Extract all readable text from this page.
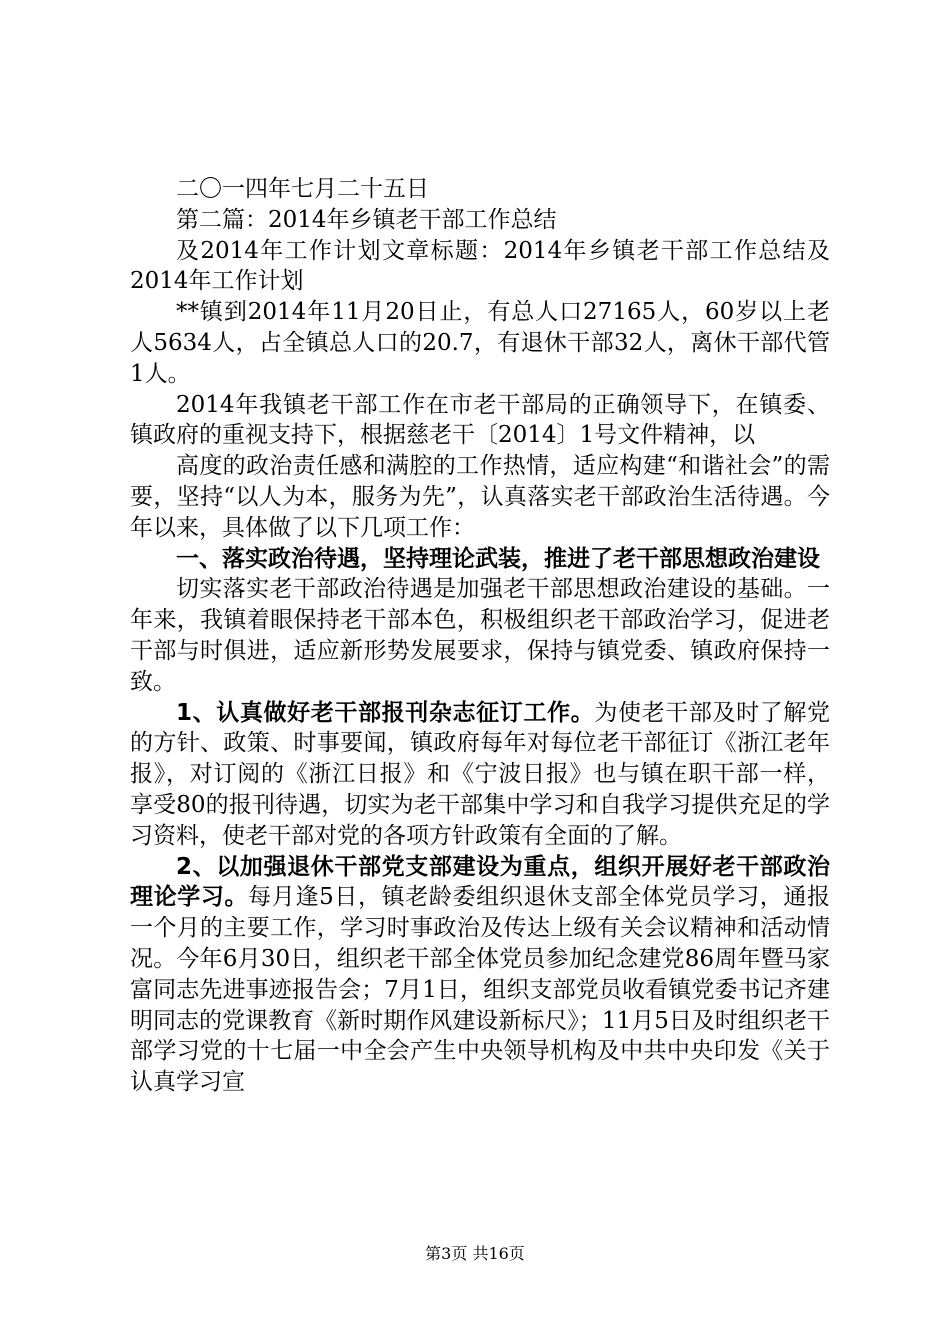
二〇一四年七月二十五日

第二篇：2014年乡镇老干部工作总结

及2014年工作计划文章标题：2014年乡镇老干部工作总结及2014年工作计划

**镇到2014年11月20日止，有总人口27165人，60岁以上老人5634人，占全镇总人口的20.7，有退休干部32人，离休干部代管1人。

2014年我镇老干部工作在市老干部局的正确领导下，在镇委、镇政府的重视支持下，根据慈老干〔2014〕1号文件精神，以

高度的政治责任感和满腔的工作热情，适应构建“和谐社会”的需要，坚持“以人为本，服务为先”，认真落实老干部政治生活待遇。今年以来，具体做了以下几项工作：

一、落实政治待遇，坚持理论武装，推进了老干部思想政治建设

切实落实老干部政治待遇是加强老干部思想政治建设的基础。一年来，我镇着眼保持老干部本色，积极组织老干部政治学习，促进老干部与时俱进，适应新形势发展要求，保持与镇党委、镇政府保持一致。

1、认真做好老干部报刊杂志征订工作。为使老干部及时了解党的方针、政策、时事要闻，镇政府每年对每位老干部征订《浙江老年报》，对订阅的《浙江日报》和《宁波日报》也与镇在职干部一样，享受80的报刊待遇，切实为老干部集中学习和自我学习提供充足的学习资料，使老干部对党的各项方针政策有全面的了解。

2、以加强退休干部党支部建设为重点，组织开展好老干部政治理论学习。每月逢5日，镇老龄委组织退休支部全体党员学习，通报一个月的主要工作，学习时事政治及传达上级有关会议精神和活动情况。今年6月30日，组织老干部全体党员参加纪念建党86周年暨马家富同志先进事迹报告会；7月1日，组织支部党员收看镇党委书记齐建明同志的党课教育《新时期作风建设新标尺》；11月5日及时组织老干部学习党的十七届一中全会产生中央领导机构及中共中央印发《关于认真学习宣

第3页 共16页
